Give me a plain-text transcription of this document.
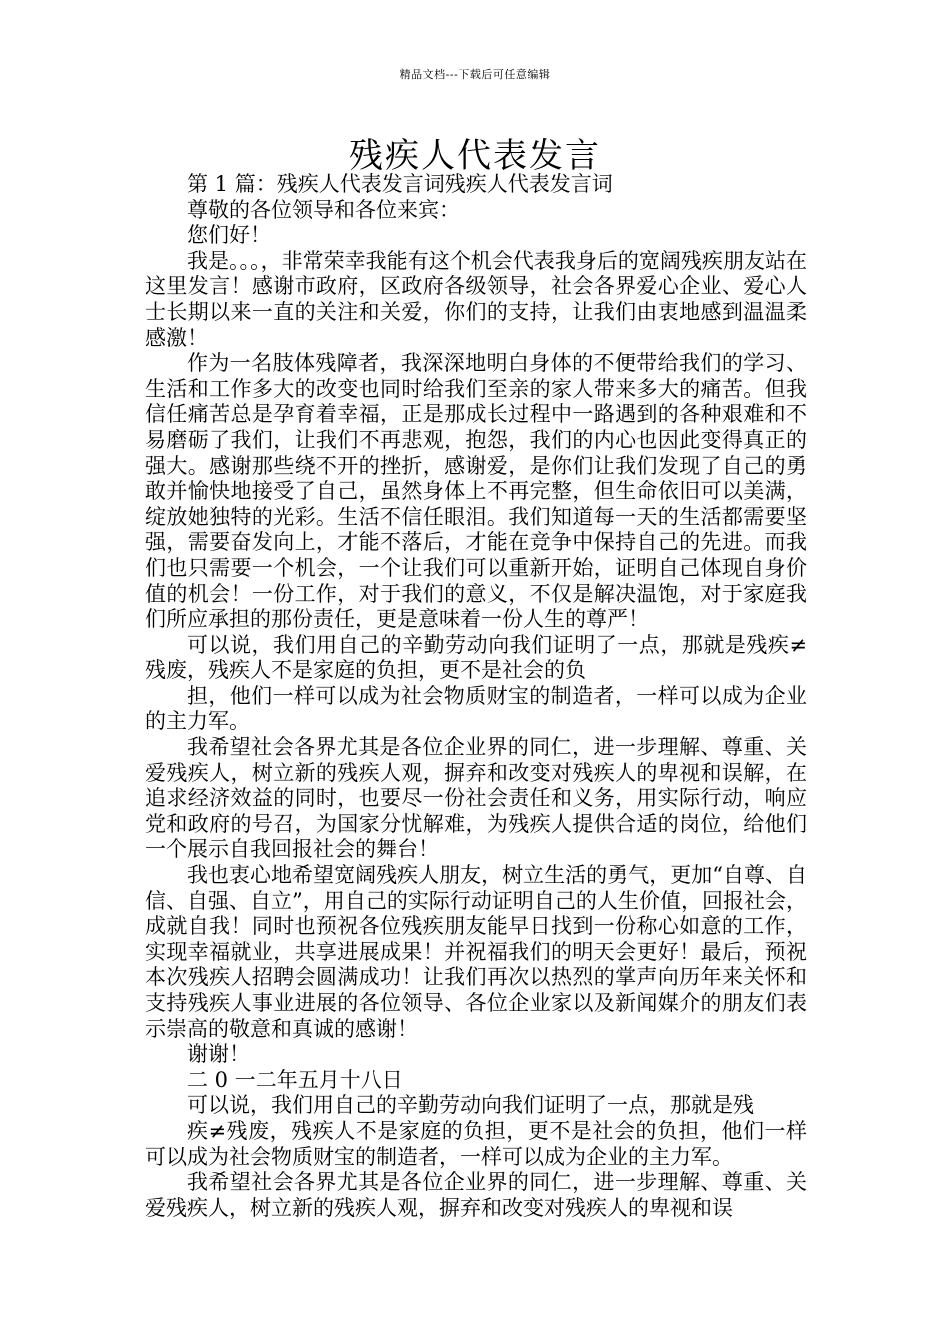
精品文档---下载后可任意编辑
残疾人代表发言

第 1 篇：残疾人代表发言词残疾人代表发言词

尊敬的各位领导和各位来宾：

您们好！

我是。。。，非常荣幸我能有这个机会代表我身后的宽阔残疾朋友站在这里发言！感谢市政府，区政府各级领导，社会各界爱心企业、爱心人士长期以来一直的关注和关爱，你们的支持，让我们由衷地感到温温柔感激！

作为一名肢体残障者，我深深地明白身体的不便带给我们的学习、生活和工作多大的改变也同时给我们至亲的家人带来多大的痛苦。但我信任痛苦总是孕育着幸福，正是那成长过程中一路遇到的各种艰难和不易磨砺了我们，让我们不再悲观，抱怨，我们的内心也因此变得真正的强大。感谢那些绕不开的挫折，感谢爱，是你们让我们发现了自己的勇敢并愉快地接受了自己，虽然身体上不再完整，但生命依旧可以美满，绽放她独特的光彩。生活不信任眼泪。我们知道每一天的生活都需要坚强，需要奋发向上，才能不落后，才能在竞争中保持自己的先进。而我们也只需要一个机会，一个让我们可以重新开始，证明自己体现自身价值的机会！一份工作，对于我们的意义，不仅是解决温饱，对于家庭我们所应承担的那份责任，更是意味着一份人生的尊严！

可以说，我们用自己的辛勤劳动向我们证明了一点，那就是残疾≠残废，残疾人不是家庭的负担，更不是社会的负

担，他们一样可以成为社会物质财宝的制造者，一样可以成为企业的主力军。

我希望社会各界尤其是各位企业界的同仁，进一步理解、尊重、关爱残疾人，树立新的残疾人观，摒弃和改变对残疾人的卑视和误解，在追求经济效益的同时，也要尽一份社会责任和义务，用实际行动，响应党和政府的号召，为国家分忧解难，为残疾人提供合适的岗位，给他们一个展示自我回报社会的舞台！

我也衷心地希望宽阔残疾人朋友，树立生活的勇气，更加“自尊、自信、自强、自立”，用自己的实际行动证明自己的人生价值，回报社会，成就自我！同时也预祝各位残疾朋友能早日找到一份称心如意的工作，实现幸福就业，共享进展成果！并祝福我们的明天会更好！最后，预祝本次残疾人招聘会圆满成功！让我们再次以热烈的掌声向历年来关怀和支持残疾人事业进展的各位领导、各位企业家以及新闻媒介的朋友们表示崇高的敬意和真诚的感谢！

谢谢！

二 0 一二年五月十八日

可以说，我们用自己的辛勤劳动向我们证明了一点，那就是残

疾≠残废，残疾人不是家庭的负担，更不是社会的负担，他们一样可以成为社会物质财宝的制造者，一样可以成为企业的主力军。

我希望社会各界尤其是各位企业界的同仁，进一步理解、尊重、关爱残疾人，树立新的残疾人观，摒弃和改变对残疾人的卑视和误
